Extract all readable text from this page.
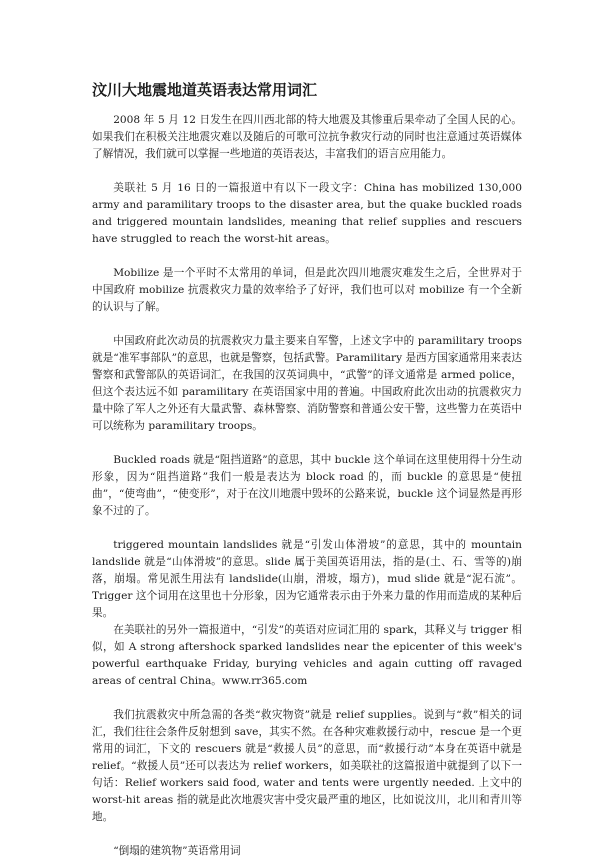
汶川大地震地道英语表达常用词汇

2008 年 5 月 12 日发生在四川西北部的特大地震及其惨重后果牵动了全国人民的心。如果我们在积极关注地震灾难以及随后的可歌可泣抗争救灾行动的同时也注意通过英语媒体了解情况，我们就可以掌握一些地道的英语表达，丰富我们的语言应用能力。

美联社 5 月 16 日的一篇报道中有以下一段文字：China has mobilized 130,000 army and paramilitary troops to the disaster area, but the quake buckled roads and triggered mountain landslides, meaning that relief supplies and rescuers have struggled to reach the worst-hit areas。

Mobilize 是一个平时不太常用的单词，但是此次四川地震灾难发生之后，全世界对于中国政府 mobilize 抗震救灾力量的效率给予了好评，我们也可以对 mobilize 有一个全新的认识与了解。

中国政府此次动员的抗震救灾力量主要来自军警，上述文字中的 paramilitary troops 就是“准军事部队”的意思，也就是警察，包括武警。Paramilitary 是西方国家通常用来表达警察和武警部队的英语词汇，在我国的汉英词典中，“武警”的译文通常是 armed police，但这个表达远不如 paramilitary 在英语国家中用的普遍。中国政府此次出动的抗震救灾力量中除了军人之外还有大量武警、森林警察、消防警察和普通公安干警，这些警力在英语中可以统称为 paramilitary troops。

Buckled roads 就是“阻挡道路”的意思，其中 buckle 这个单词在这里使用得十分生动形象，因为“阻挡道路”我们一般是表达为 block road 的，而 buckle 的意思是“使扭曲”，“使弯曲”，“使变形”，对于在汶川地震中毁坏的公路来说，buckle 这个词显然是再形象不过的了。

triggered mountain landslides 就是“引发山体滑坡”的意思，其中的 mountain landslide 就是“山体滑坡”的意思。slide 属于美国英语用法，指的是(土、石、雪等的)崩落，崩塌。常见派生用法有 landslide(山崩，滑坡，塌方)，mud slide 就是“泥石流”。Trigger 这个词用在这里也十分形象，因为它通常表示由于外来力量的作用而造成的某种后果。

在美联社的另外一篇报道中，“引发”的英语对应词汇用的 spark，其释义与 trigger 相似，如 A strong aftershock sparked landslides near the epicenter of this week's powerful earthquake Friday, burying vehicles and again cutting off ravaged areas of central China。www.rr365.com

我们抗震救灾中所急需的各类“救灾物资”就是 relief supplies。说到与“救”相关的词汇，我们往往会条件反射想到 save，其实不然。在各种灾难救援行动中，rescue 是一个更常用的词汇，下文的 rescuers 就是“救援人员”的意思，而“救援行动”本身在英语中就是 relief。“救援人员”还可以表达为 relief workers，如美联社的这篇报道中就提到了以下一句话：Relief workers said food, water and tents were urgently needed. 上文中的 worst-hit areas 指的就是此次地震灾害中受灾最严重的地区，比如说汶川，北川和青川等地。

“倒塌的建筑物”英语常用词
